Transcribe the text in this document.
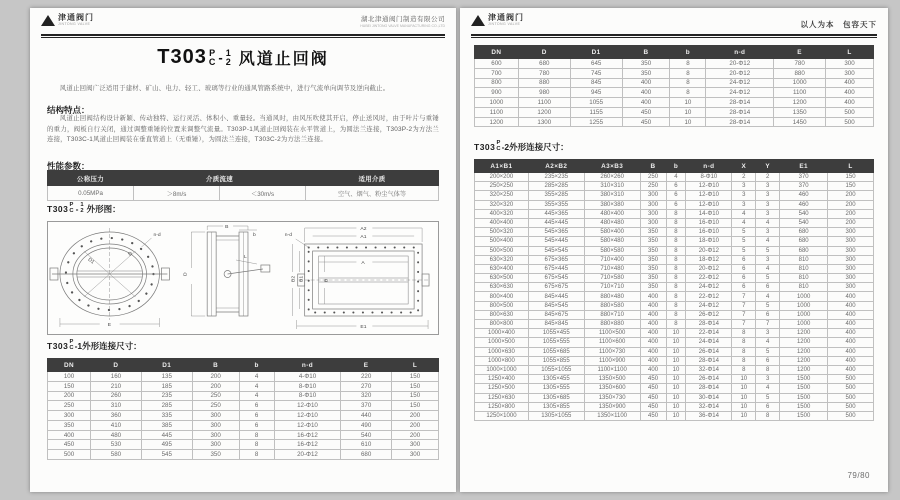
津通阀门
JINTONG VALVE
湖北津通阀门制造有限公司
HUBEI JINTONG VALVE MANUFACTURING CO.,LTD
T303 P
C - 1
2 风道止回阀
风道止回阀广泛适用于建材、矿山、电力、轻工、玻璃等行业的通风管路系统中，进行气流单向调节及逆向截止。
结构特点：
风道止回阀结构设计新颖、传动独特、运行灵活、体积小、重量轻。当通风时，由风压吹使其开启，停止送风时，由于叶片与重锤的重力，阀板自行关闭，通过调整重锤的位置来调整气流量。T303P-1风道止回阀装在水平管道上，为圆法兰连接，T303P-2为方法兰连接，T303C-1风道止回阀装在垂直管道上（无重锤），为圆法兰连接，T303C-2为方法兰连接。
性能参数：
公称压力	介质流速		适用介质
0.05MPa	＞8m/s	＜30m/s	空气、烟气、粉尘气体等
T303 P
C - 1
2 外形图：
D1
D
n-d
E
B
b
D
L
A2
A1
A
B2 B1	B
E1
n-d
T303 P
C -1外形连接尺寸：
DN	D	D1	B	b	n-d	E	L
100	160	135	200	4	4-Φ10	220	150
150	210	185	200	4	8-Φ10	270	150
200	260	235	250	4	8-Φ10	320	150
250	310	285	250	6	12-Φ10	370	150
300	360	335	300	6	12-Φ10	440	200
350	410	385	300	6	12-Φ10	490	200
400	480	445	300	8	16-Φ12	540	200
450	530	495	300	8	16-Φ12	610	300
500	580	545	350	8	20-Φ12	680	300
津通阀门
JINTONG VALVE	以人为本　包容天下
DN	D	D1	B	b	n-d	E	L
600	680	645	350	8	20-Φ12	780	300
700	780	745	350	8	20-Φ12	880	300
800	880	845	400	8	24-Φ12	1000	400
900	980	945	400	8	24-Φ12	1100	400
1000	1100	1055	400	10	28-Φ14	1200	400
1100	1200	1155	450	10	28-Φ14	1350	500
1200	1300	1255	450	10	28-Φ14	1450	500
T303 P
C -2外形连接尺寸：
A1×B1	A2×B2	A3×B3	B	b	n-d	X	Y	E1	L
200×200	235×235	260×260	250	4	8-Φ10	2	2	370	150
250×250	285×285	310×310	250	6	12-Φ10	3	3	370	150
320×250	355×285	380×310	300	6	12-Φ10	3	3	460	200
320×320	355×355	380×380	300	6	12-Φ10	3	3	460	200
400×320	445×365	480×400	300	8	14-Φ10	4	3	540	200
400×400	445×445	480×480	300	8	16-Φ10	4	4	540	200
500×320	545×365	580×400	350	8	16-Φ10	5	3	680	300
500×400	545×445	580×480	350	8	18-Φ10	5	4	680	300
500×500	545×545	580×580	350	8	20-Φ12	5	5	680	300
630×320	675×365	710×400	350	8	18-Φ12	6	3	810	300
630×400	675×445	710×480	350	8	20-Φ12	6	4	810	300
630×500	675×545	710×580	350	8	22-Φ12	6	5	810	300
630×630	675×675	710×710	350	8	24-Φ12	6	6	810	300
800×400	845×445	880×480	400	8	22-Φ12	7	4	1000	400
800×500	845×545	880×580	400	8	24-Φ12	7	5	1000	400
800×630	845×675	880×710	400	8	26-Φ12	7	6	1000	400
800×800	845×845	880×880	400	8	28-Φ14	7	7	1000	400
1000×400	1055×455	1100×500	400	10	22-Φ14	8	3	1200	400
1000×500	1055×555	1100×600	400	10	24-Φ14	8	4	1200	400
1000×630	1055×685	1100×730	400	10	26-Φ14	8	5	1200	400
1000×800	1055×855	1100×900	400	10	28-Φ14	8	6	1200	400
1000×1000	1055×1055	1100×1100	400	10	32-Φ14	8	8	1200	400
1250×400	1305×455	1350×500	450	10	26-Φ14	10	3	1500	500
1250×500	1305×555	1350×600	450	10	28-Φ14	10	4	1500	500
1250×630	1305×685	1350×730	450	10	30-Φ14	10	5	1500	500
1250×800	1305×855	1350×900	450	10	32-Φ14	10	6	1500	500
1250×1000	1305×1055	1350×1100	450	10	36-Φ14	10	8	1500	500
79/80
